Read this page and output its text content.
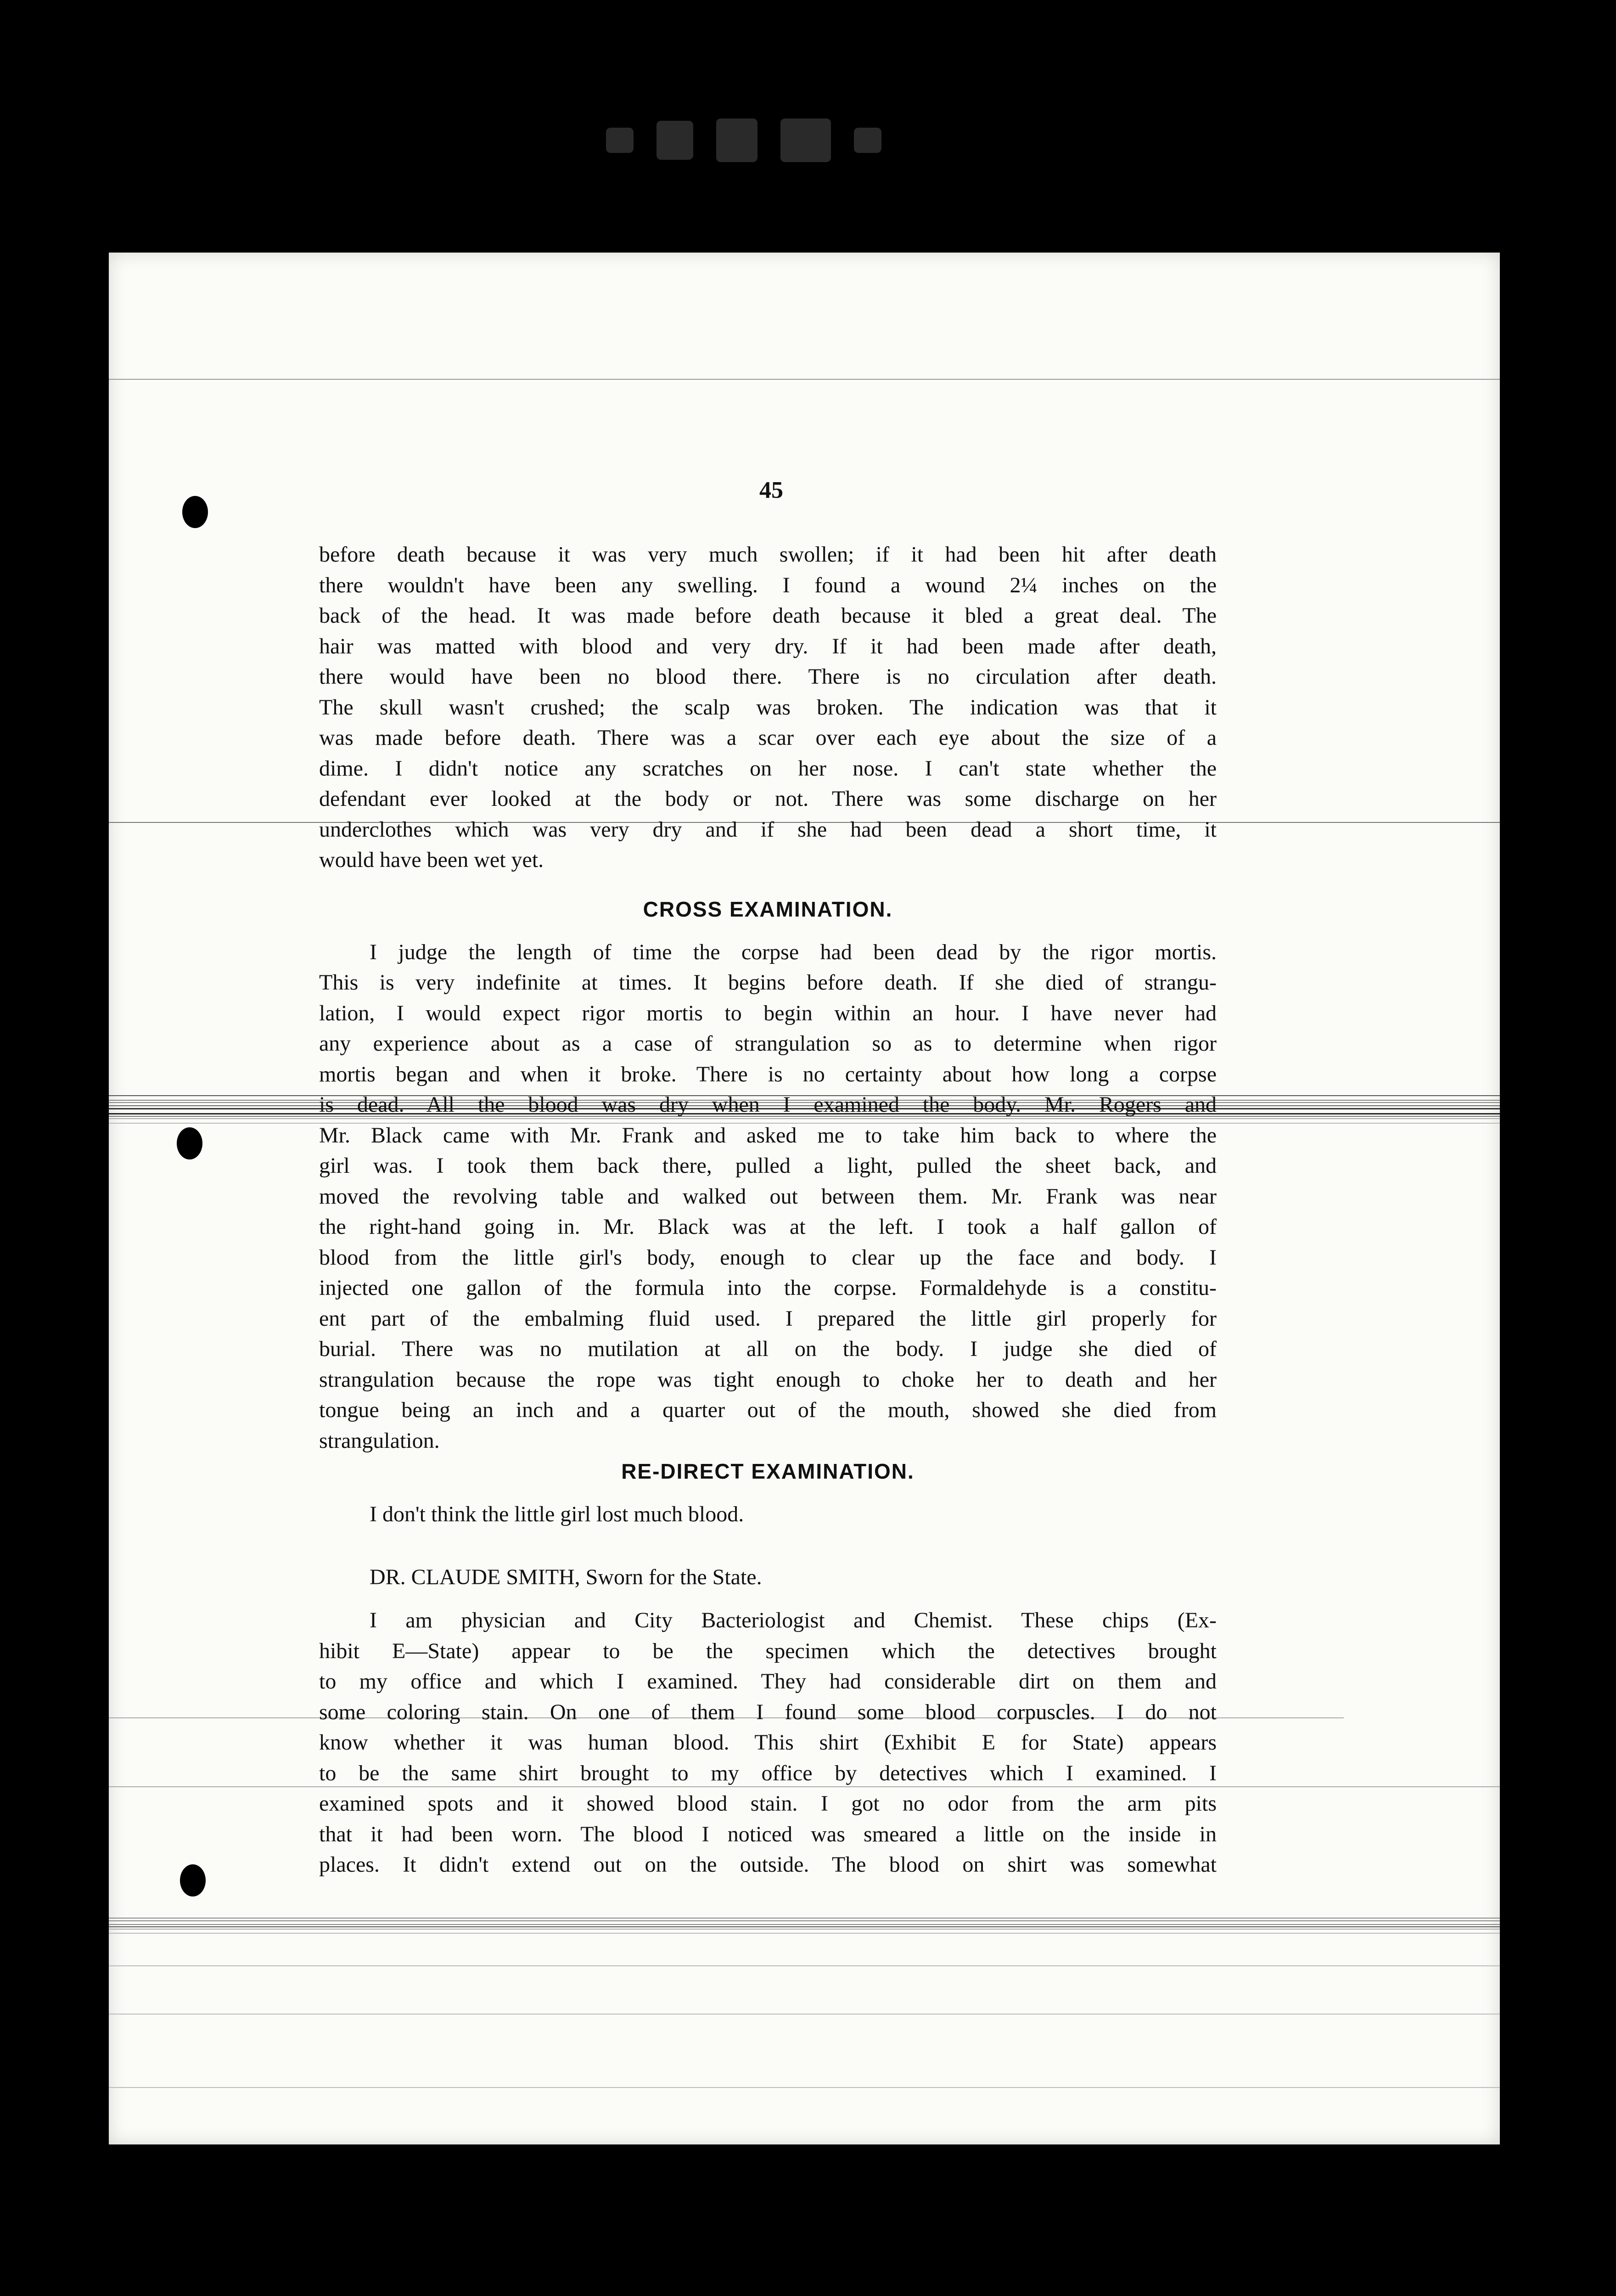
45

before death because it was very much swollen; if it had been hit after death

there wouldn't have been any swelling. I found a wound 2¼ inches on the

back of the head. It was made before death because it bled a great deal. The

hair was matted with blood and very dry. If it had been made after death,

there would have been no blood there. There is no circulation after death.

The skull wasn't crushed; the scalp was broken. The indication was that it

was made before death. There was a scar over each eye about the size of a

dime. I didn't notice any scratches on her nose. I can't state whether the

defendant ever looked at the body or not. There was some discharge on her

underclothes which was very dry and if she had been dead a short time, it

would have been wet yet.

CROSS EXAMINATION.

I judge the length of time the corpse had been dead by the rigor mortis.

This is very indefinite at times. It begins before death. If she died of strangu-

lation, I would expect rigor mortis to begin within an hour. I have never had

any experience about as a case of strangulation so as to determine when rigor

mortis began and when it broke. There is no certainty about how long a corpse

is dead. All the blood was dry when I examined the body. Mr. Rogers and

Mr. Black came with Mr. Frank and asked me to take him back to where the

girl was. I took them back there, pulled a light, pulled the sheet back, and

moved the revolving table and walked out between them. Mr. Frank was near

the right-hand going in. Mr. Black was at the left. I took a half gallon of

blood from the little girl's body, enough to clear up the face and body. I

injected one gallon of the formula into the corpse. Formaldehyde is a constitu-

ent part of the embalming fluid used. I prepared the little girl properly for

burial. There was no mutilation at all on the body. I judge she died of

strangulation because the rope was tight enough to choke her to death and her

tongue being an inch and a quarter out of the mouth, showed she died from

strangulation.

RE-DIRECT EXAMINATION.

I don't think the little girl lost much blood.

DR. CLAUDE SMITH, Sworn for the State.

I am physician and City Bacteriologist and Chemist. These chips (Ex-

hibit E—State) appear to be the specimen which the detectives brought

to my office and which I examined. They had considerable dirt on them and

some coloring stain. On one of them I found some blood corpuscles. I do not

know whether it was human blood. This shirt (Exhibit E for State) appears

to be the same shirt brought to my office by detectives which I examined. I

examined spots and it showed blood stain. I got no odor from the arm pits

that it had been worn. The blood I noticed was smeared a little on the inside in

places. It didn't extend out on the outside. The blood on shirt was somewhat
